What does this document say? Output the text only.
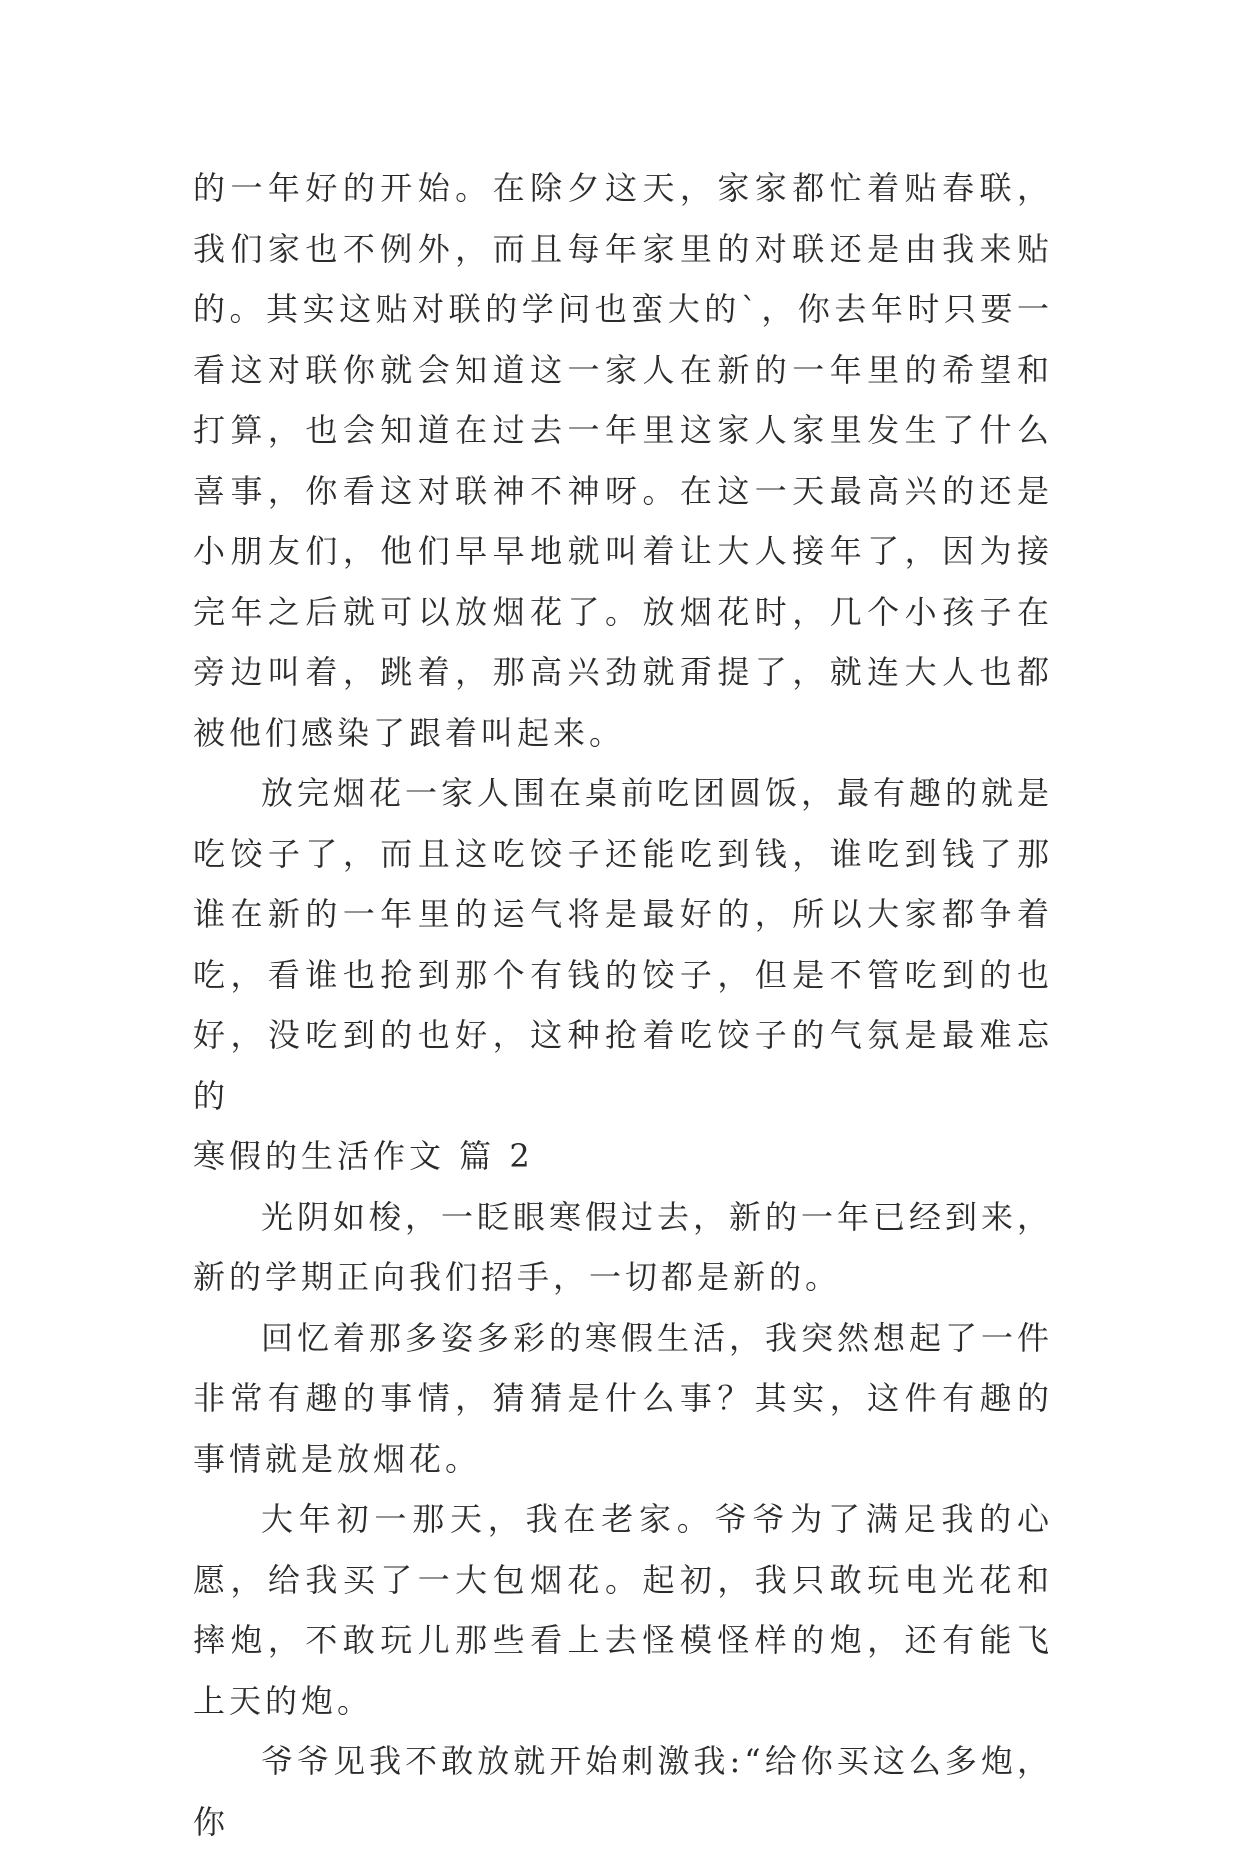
的一年好的开始。在除夕这天，家家都忙着贴春联，我们家也不例外，而且每年家里的对联还是由我来贴的。其实这贴对联的学问也蛮大的`，你去年时只要一看这对联你就会知道这一家人在新的一年里的希望和打算，也会知道在过去一年里这家人家里发生了什么喜事，你看这对联神不神呀。在这一天最高兴的还是小朋友们，他们早早地就叫着让大人接年了，因为接完年之后就可以放烟花了。放烟花时，几个小孩子在旁边叫着，跳着，那高兴劲就甭提了，就连大人也都被他们感染了跟着叫起来。

放完烟花一家人围在桌前吃团圆饭，最有趣的就是吃饺子了，而且这吃饺子还能吃到钱，谁吃到钱了那谁在新的一年里的运气将是最好的，所以大家都争着吃，看谁也抢到那个有钱的饺子，但是不管吃到的也好，没吃到的也好，这种抢着吃饺子的气氛是最难忘的

寒假的生活作文 篇 2

光阴如梭，一眨眼寒假过去，新的一年已经到来，新的学期正向我们招手，一切都是新的。

回忆着那多姿多彩的寒假生活，我突然想起了一件非常有趣的事情，猜猜是什么事？其实，这件有趣的事情就是放烟花。

大年初一那天，我在老家。爷爷为了满足我的心愿，给我买了一大包烟花。起初，我只敢玩电光花和摔炮，不敢玩儿那些看上去怪模怪样的炮，还有能飞上天的炮。

爷爷见我不敢放就开始刺激我:“给你买这么多炮，你
